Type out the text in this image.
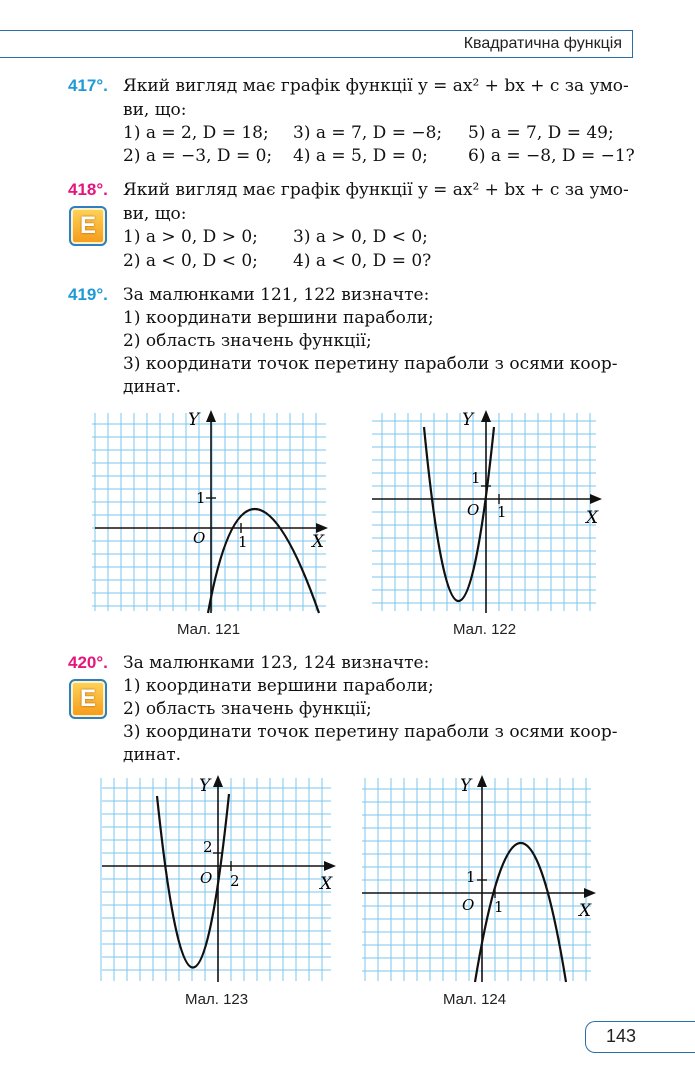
Квадратична функція
417°. Який вигляд має графік функції y = ax² + bx + c за умо-
ви, що:
1) a = 2, D = 18; 3) a = 7, D = −8; 5) a = 7, D = 49;
2) a = −3, D = 0; 4) a = 5, D = 0; 6) a = −8, D = −1?
418°.
Е
Який вигляд має графік функції y = ax² + bx + c за умо-
ви, що:
1) a > 0, D > 0; 3) a > 0, D < 0;
2) a < 0, D < 0; 4) a < 0, D = 0?
419°. За малюнками 121, 122 визначте:
1) координати вершини параболи;
2) область значень функції;
3) координати точок перетину параболи з осями коор-
динат.
Y
X
O
1
1
Мал. 121
Y
X
O
1
1
Мал. 122
420°.
Е
За малюнками 123, 124 визначте:
1) координати вершини параболи;
2) область значень функції;
3) координати точок перетину параболи з осями коор-
динат.
Y
X
O
2
2
Мал. 123
Y
X
O
1
1
Мал. 124
143
